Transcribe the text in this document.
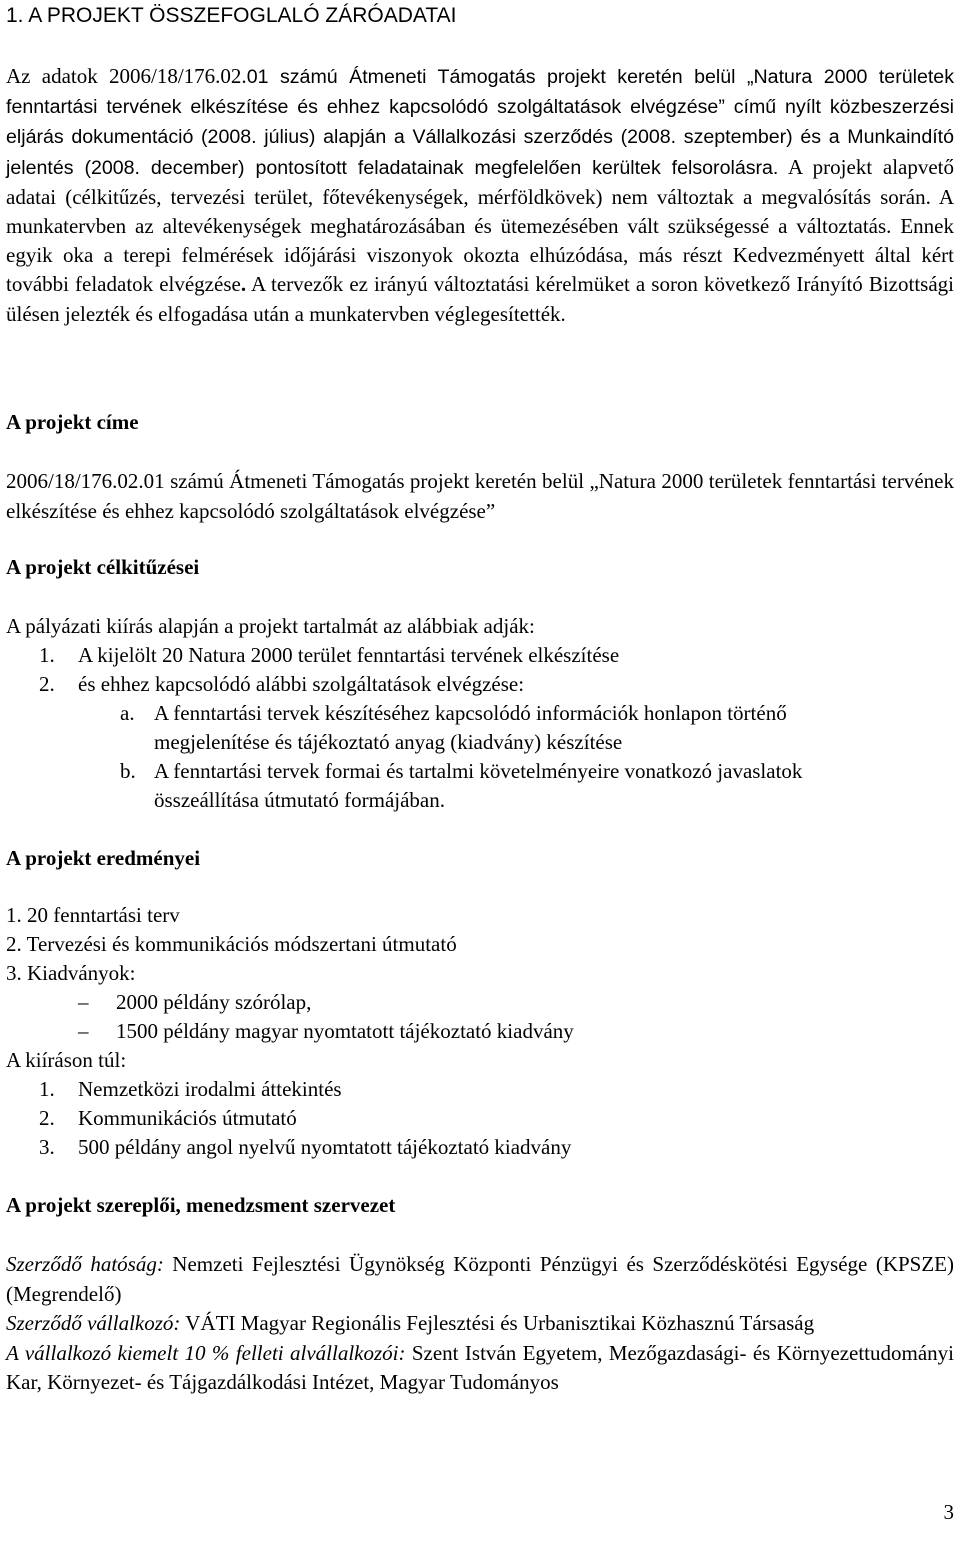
1. A PROJEKT ÖSSZEFOGLALÓ ZÁRÓADATAI
Az adatok 2006/18/176.02.01 számú Átmeneti Támogatás projekt keretén belül „Natura 2000 területek fenntartási tervének elkészítése és ehhez kapcsolódó szolgáltatások elvégzése” című nyílt közbeszerzési eljárás dokumentáció (2008. július) alapján a Vállalkozási szerződés (2008. szeptember) és a Munkaindító jelentés (2008. december) pontosított feladatainak megfelelően kerültek felsorolásra. A projekt alapvető adatai (célkitűzés, tervezési terület, főtevékenységek, mérföldkövek) nem változtak a megvalósítás során. A munkatervben az altevékenységek meghatározásában és ütemezésében vált szükségessé a változtatás. Ennek egyik oka a terepi felmérések időjárási viszonyok okozta elhúzódása, más részt Kedvezményett által kért további feladatok elvégzése. A tervezők ez irányú változtatási kérelmüket a soron következő Irányító Bizottsági ülésen jelezték és elfogadása után a munkatervben véglegesítették.
A projekt címe
2006/18/176.02.01 számú Átmeneti Támogatás projekt keretén belül „Natura 2000 területek fenntartási tervének elkészítése és ehhez kapcsolódó szolgáltatások elvégzése”
A projekt célkitűzései
A pályázati kiírás alapján a projekt tartalmát az alábbiak adják:
1. A kijelölt 20 Natura 2000 terület fenntartási tervének elkészítése
2. és ehhez kapcsolódó alábbi szolgáltatások elvégzése:
a. A fenntartási tervek készítéséhez kapcsolódó információk honlapon történő
megjelenítése és tájékoztató anyag (kiadvány) készítése
b. A fenntartási tervek formai és tartalmi követelményeire vonatkozó javaslatok
összeállítása útmutató formájában.
A projekt eredményei
1. 20 fenntartási terv
2. Tervezési és kommunikációs módszertani útmutató
3. Kiadványok:
– 2000 példány szórólap,
– 1500 példány magyar nyomtatott tájékoztató kiadvány
A kiíráson túl:
1. Nemzetközi irodalmi áttekintés
2. Kommunikációs útmutató
3. 500 példány angol nyelvű nyomtatott tájékoztató kiadvány
A projekt szereplői, menedzsment szervezet
Szerződő hatóság: Nemzeti Fejlesztési Ügynökség Központi Pénzügyi és Szerződéskötési Egysége (KPSZE) (Megrendelő)
Szerződő vállalkozó: VÁTI Magyar Regionális Fejlesztési és Urbanisztikai Közhasznú Társaság
A vállalkozó kiemelt 10 % felleti alvállalkozói: Szent István Egyetem, Mezőgazdasági- és Környezettudományi Kar, Környezet- és Tájgazdálkodási Intézet, Magyar Tudományos
3
